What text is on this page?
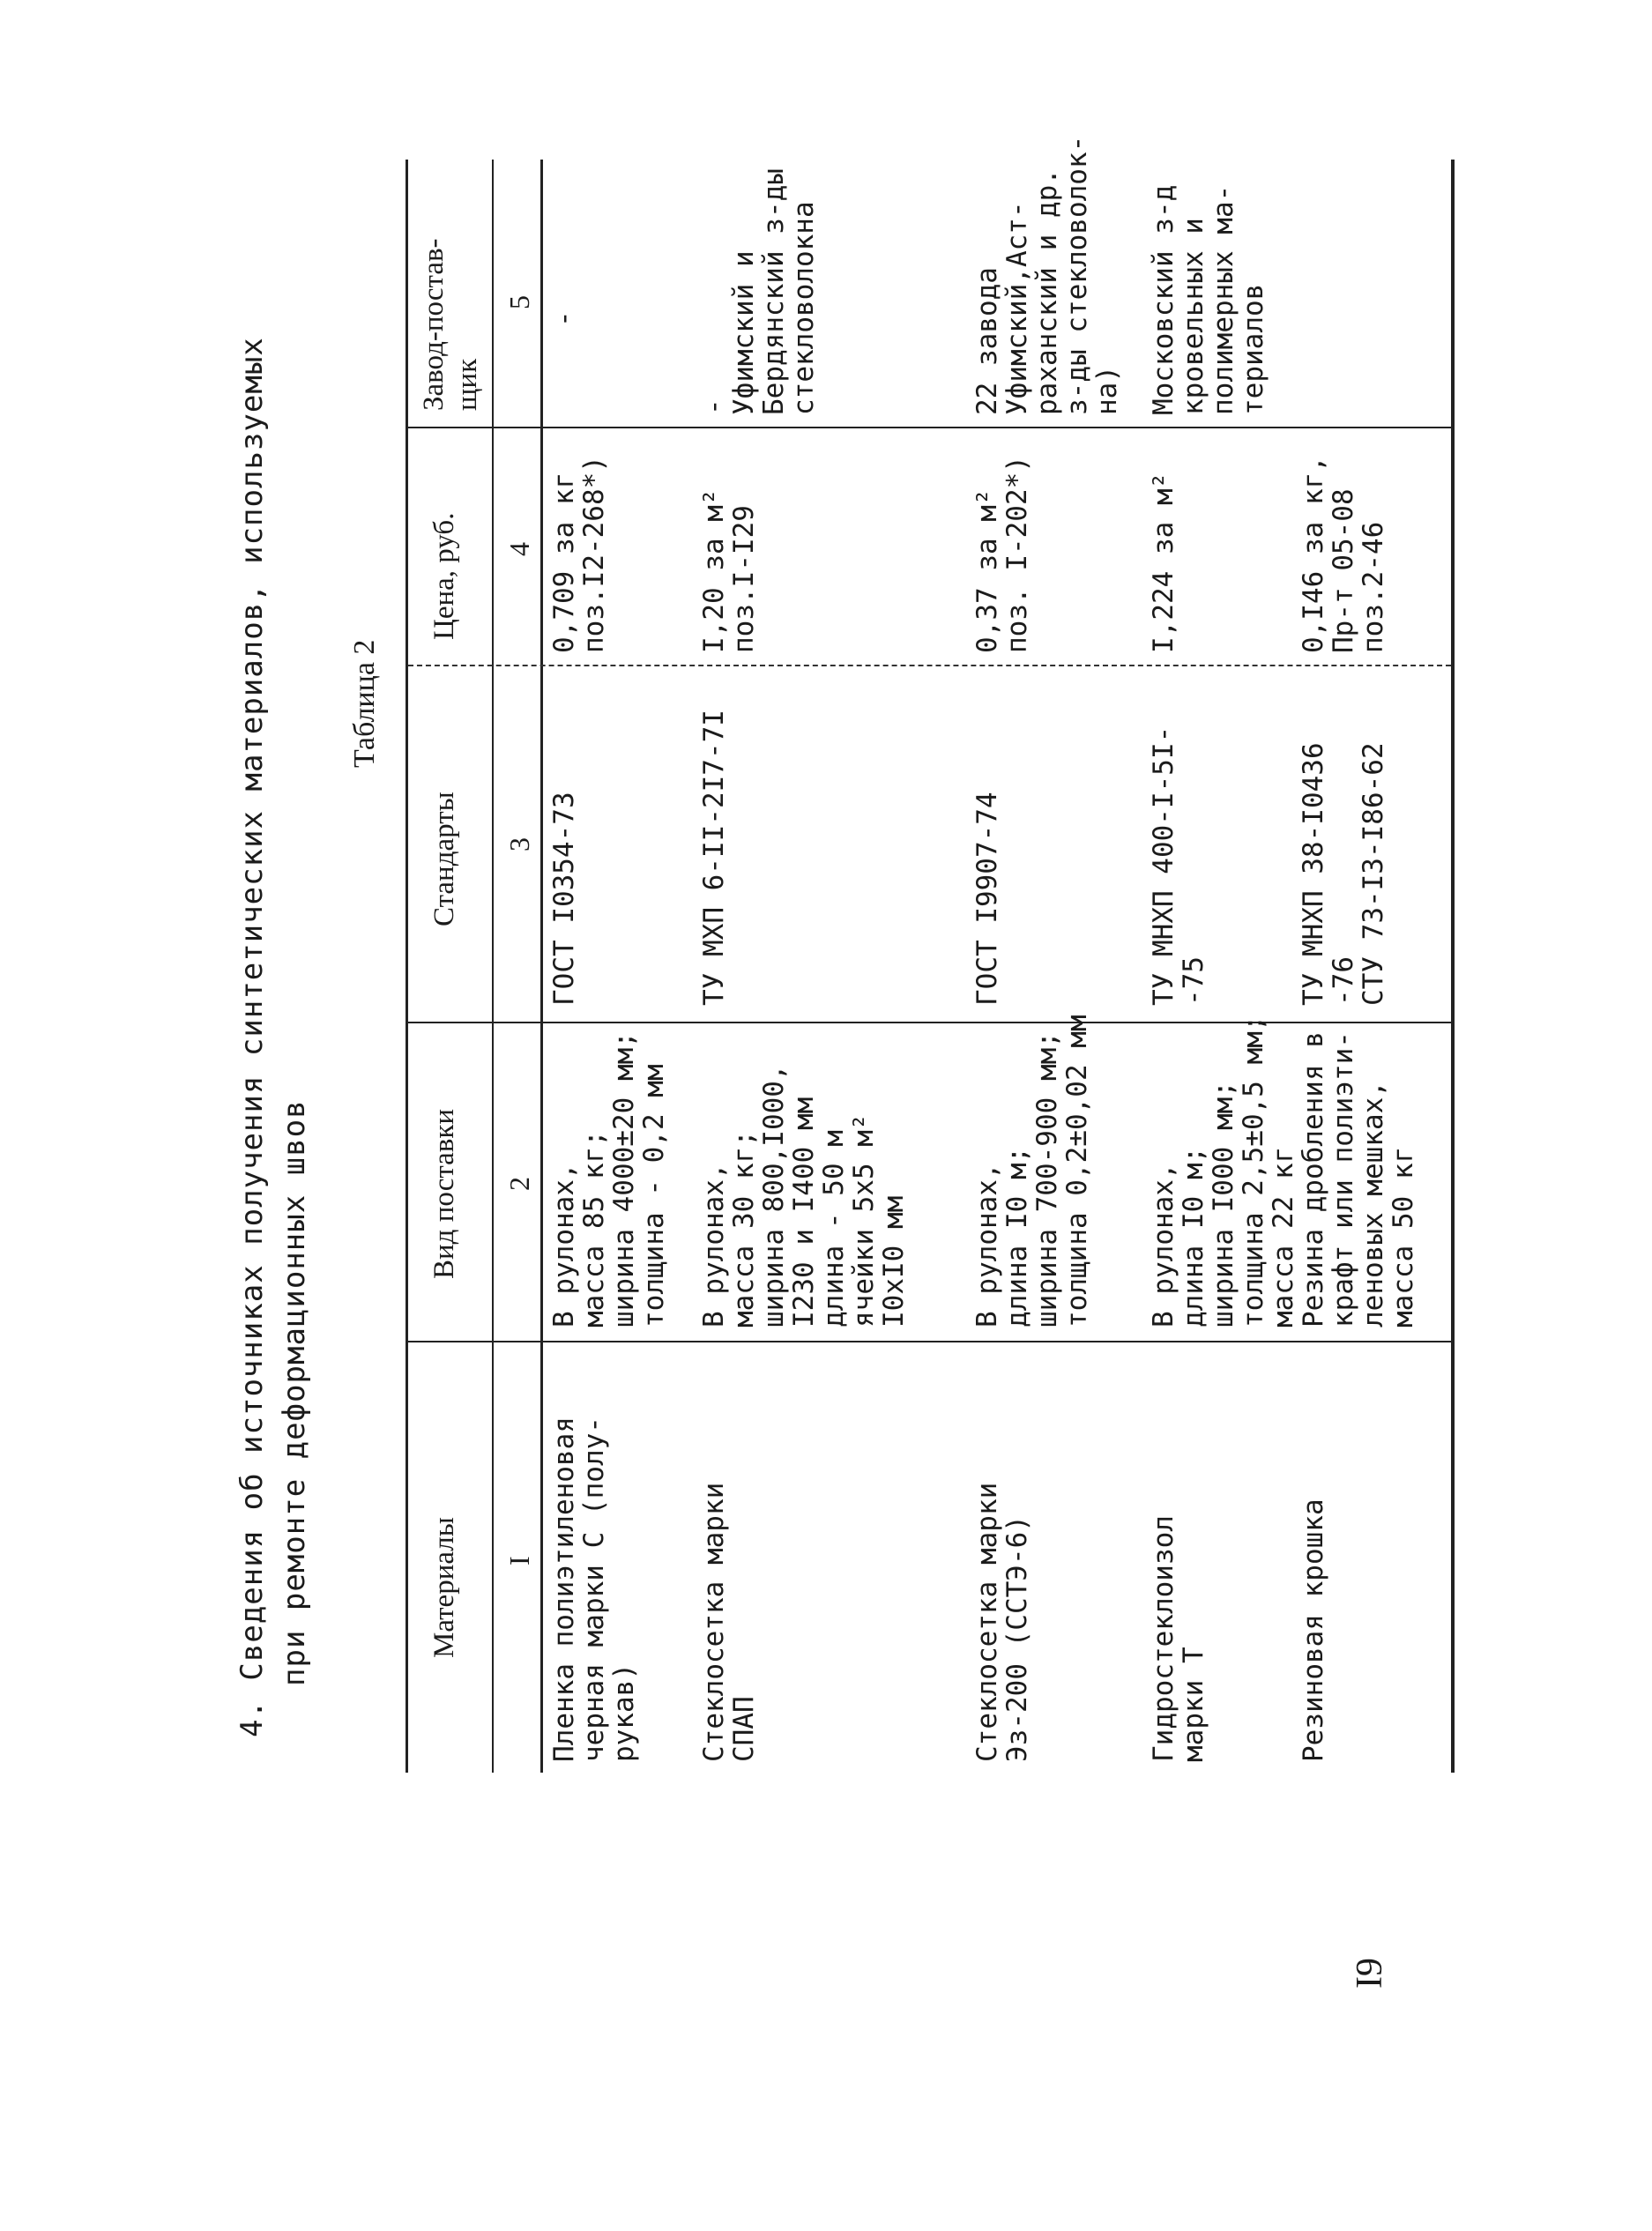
4. Сведения об источниках получения синтетических материалов, используемых при ремонте деформационных швов
Таблица 2
Материалы
Вид поставки
Стандарты
Цена, руб.
Завод-постав-
щик
I
2
3
4
5
Пленка полиэтиленовая
черная марки С (полу-
рукав)
В рулонах,
масса 85 кг;
ширина 4000±20 мм;
толщина - 0,2 мм
ГОСТ I0354-73
0,709 за кг
поз.I2-268*)
-
Стеклосетка марки
СПАП
В рулонах,
масса 30 кг;
ширина 800,I000,
I230 и I400 мм
длина - 50 м
ячейки 5х5 м²
I0хI0 мм
ТУ МХП 6-II-2I7-7I
I,20 за м²
поз.I-I29
-
Уфимский и
Бердянский з-ды
стекловолокна
Стеклосетка марки
Эз-200 (ССТЭ-6)
В рулонах,
длина I0 м;
ширина 700-900 мм;
толщина 0,2±0,02 мм
ГОСТ I9907-74
0,37 за м²
поз. I-202*)
22 завода
Уфимский,Аст-
раханский и др.
з-ды стекловолок-
на)
Гидростеклоизол
марки Т
В рулонах,
длина I0 м;
ширина I000 мм;
толщина 2,5±0,5 мм;
масса 22 кг
ТУ МНХП 400-I-5I-
-75
I,224 за м²
Московский з-д
кровельных и
полимерных ма-
териалов
Резиновая крошка
Резина дробления в
крафт или полиэти-
леновых мешках,
масса 50 кг
ТУ МНХП 38-I0436
-76
СТУ 73-I3-I86-62
0,I46 за кг,
Пр-т 05-08
поз.2-46
I9
